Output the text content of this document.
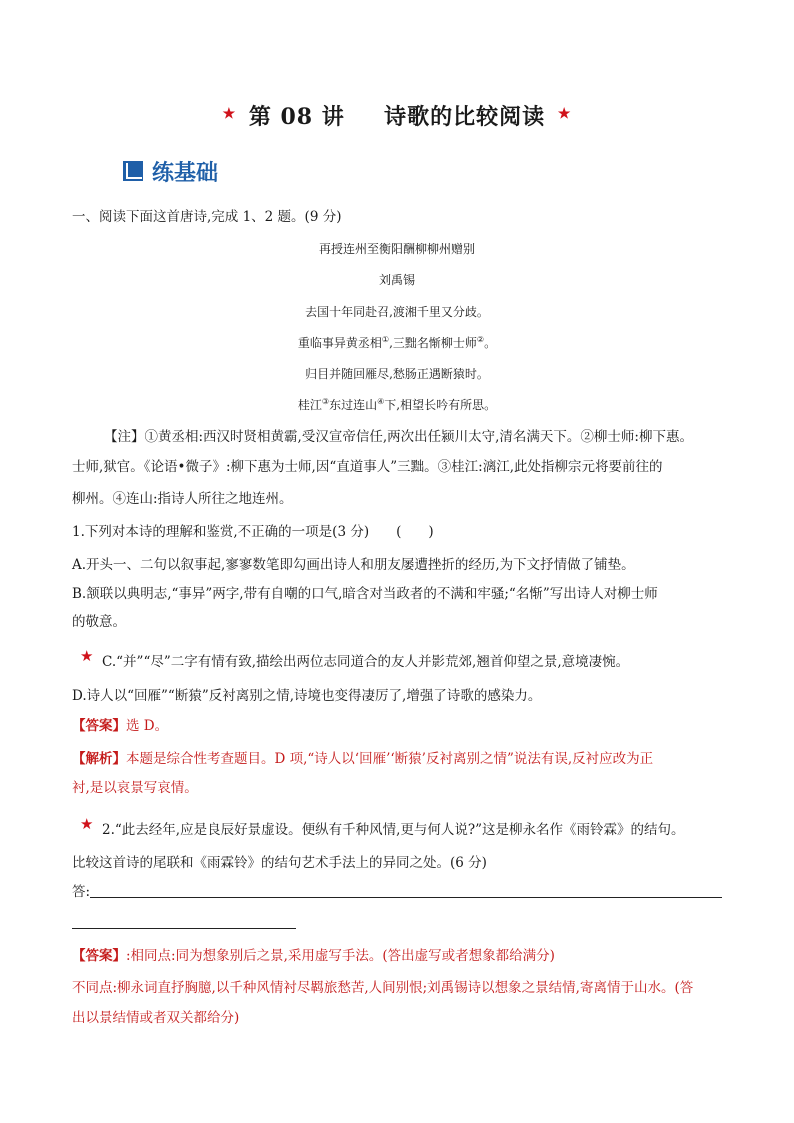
★ 第 08 讲 诗歌的比较阅读 ★
练基础
一、阅读下面这首唐诗,完成 1、2 题。(9 分)
再授连州至衡阳酬柳柳州赠别
刘禹锡
去国十年同赴召,渡湘千里又分歧。
重临事异黄丞相①,三黜名惭柳士师②。
归目并随回雁尽,愁肠正遇断猿时。
桂江③东过连山④下,相望长吟有所思。
【注】①黄丞相:西汉时贤相黄霸,受汉宣帝信任,两次出任颍川太守,清名满天下。②柳士师:柳下惠。
士师,狱官。《论语•微子》:柳下惠为士师,因“直道事人”三黜。③桂江:漓江,此处指柳宗元将要前往的
柳州。④连山:指诗人所往之地连州。
1.下列对本诗的理解和鉴赏,不正确的一项是(3 分)　　(　　)
A.开头一、二句以叙事起,寥寥数笔即勾画出诗人和朋友屡遭挫折的经历,为下文抒情做了铺垫。
B.颔联以典明志,“事异”两字,带有自嘲的口气,暗含对当政者的不满和牢骚;“名惭”写出诗人对柳士师
的敬意。
★ C.“并”“尽”二字有情有致,描绘出两位志同道合的友人并影荒郊,翘首仰望之景,意境凄惋。
D.诗人以“回雁”“断猿”反衬离别之情,诗境也变得凄厉了,增强了诗歌的感染力。
【答案】选 D。
【解析】本题是综合性考查题目。D 项,“诗人以‘回雁’‘断猿’反衬离别之情”说法有误,反衬应改为正
衬,是以哀景写哀情。
★ 2.“此去经年,应是良辰好景虚设。便纵有千种风情,更与何人说?”这是柳永名作《雨铃霖》的结句。
比较这首诗的尾联和《雨霖铃》的结句艺术手法上的异同之处。(6 分)
答:
【答案】:相同点:同为想象别后之景,采用虚写手法。(答出虚写或者想象都给满分)
不同点:柳永词直抒胸臆,以千种风情衬尽羁旅愁苦,人间别恨;刘禹锡诗以想象之景结情,寄离情于山水。(答
出以景结情或者双关都给分)
